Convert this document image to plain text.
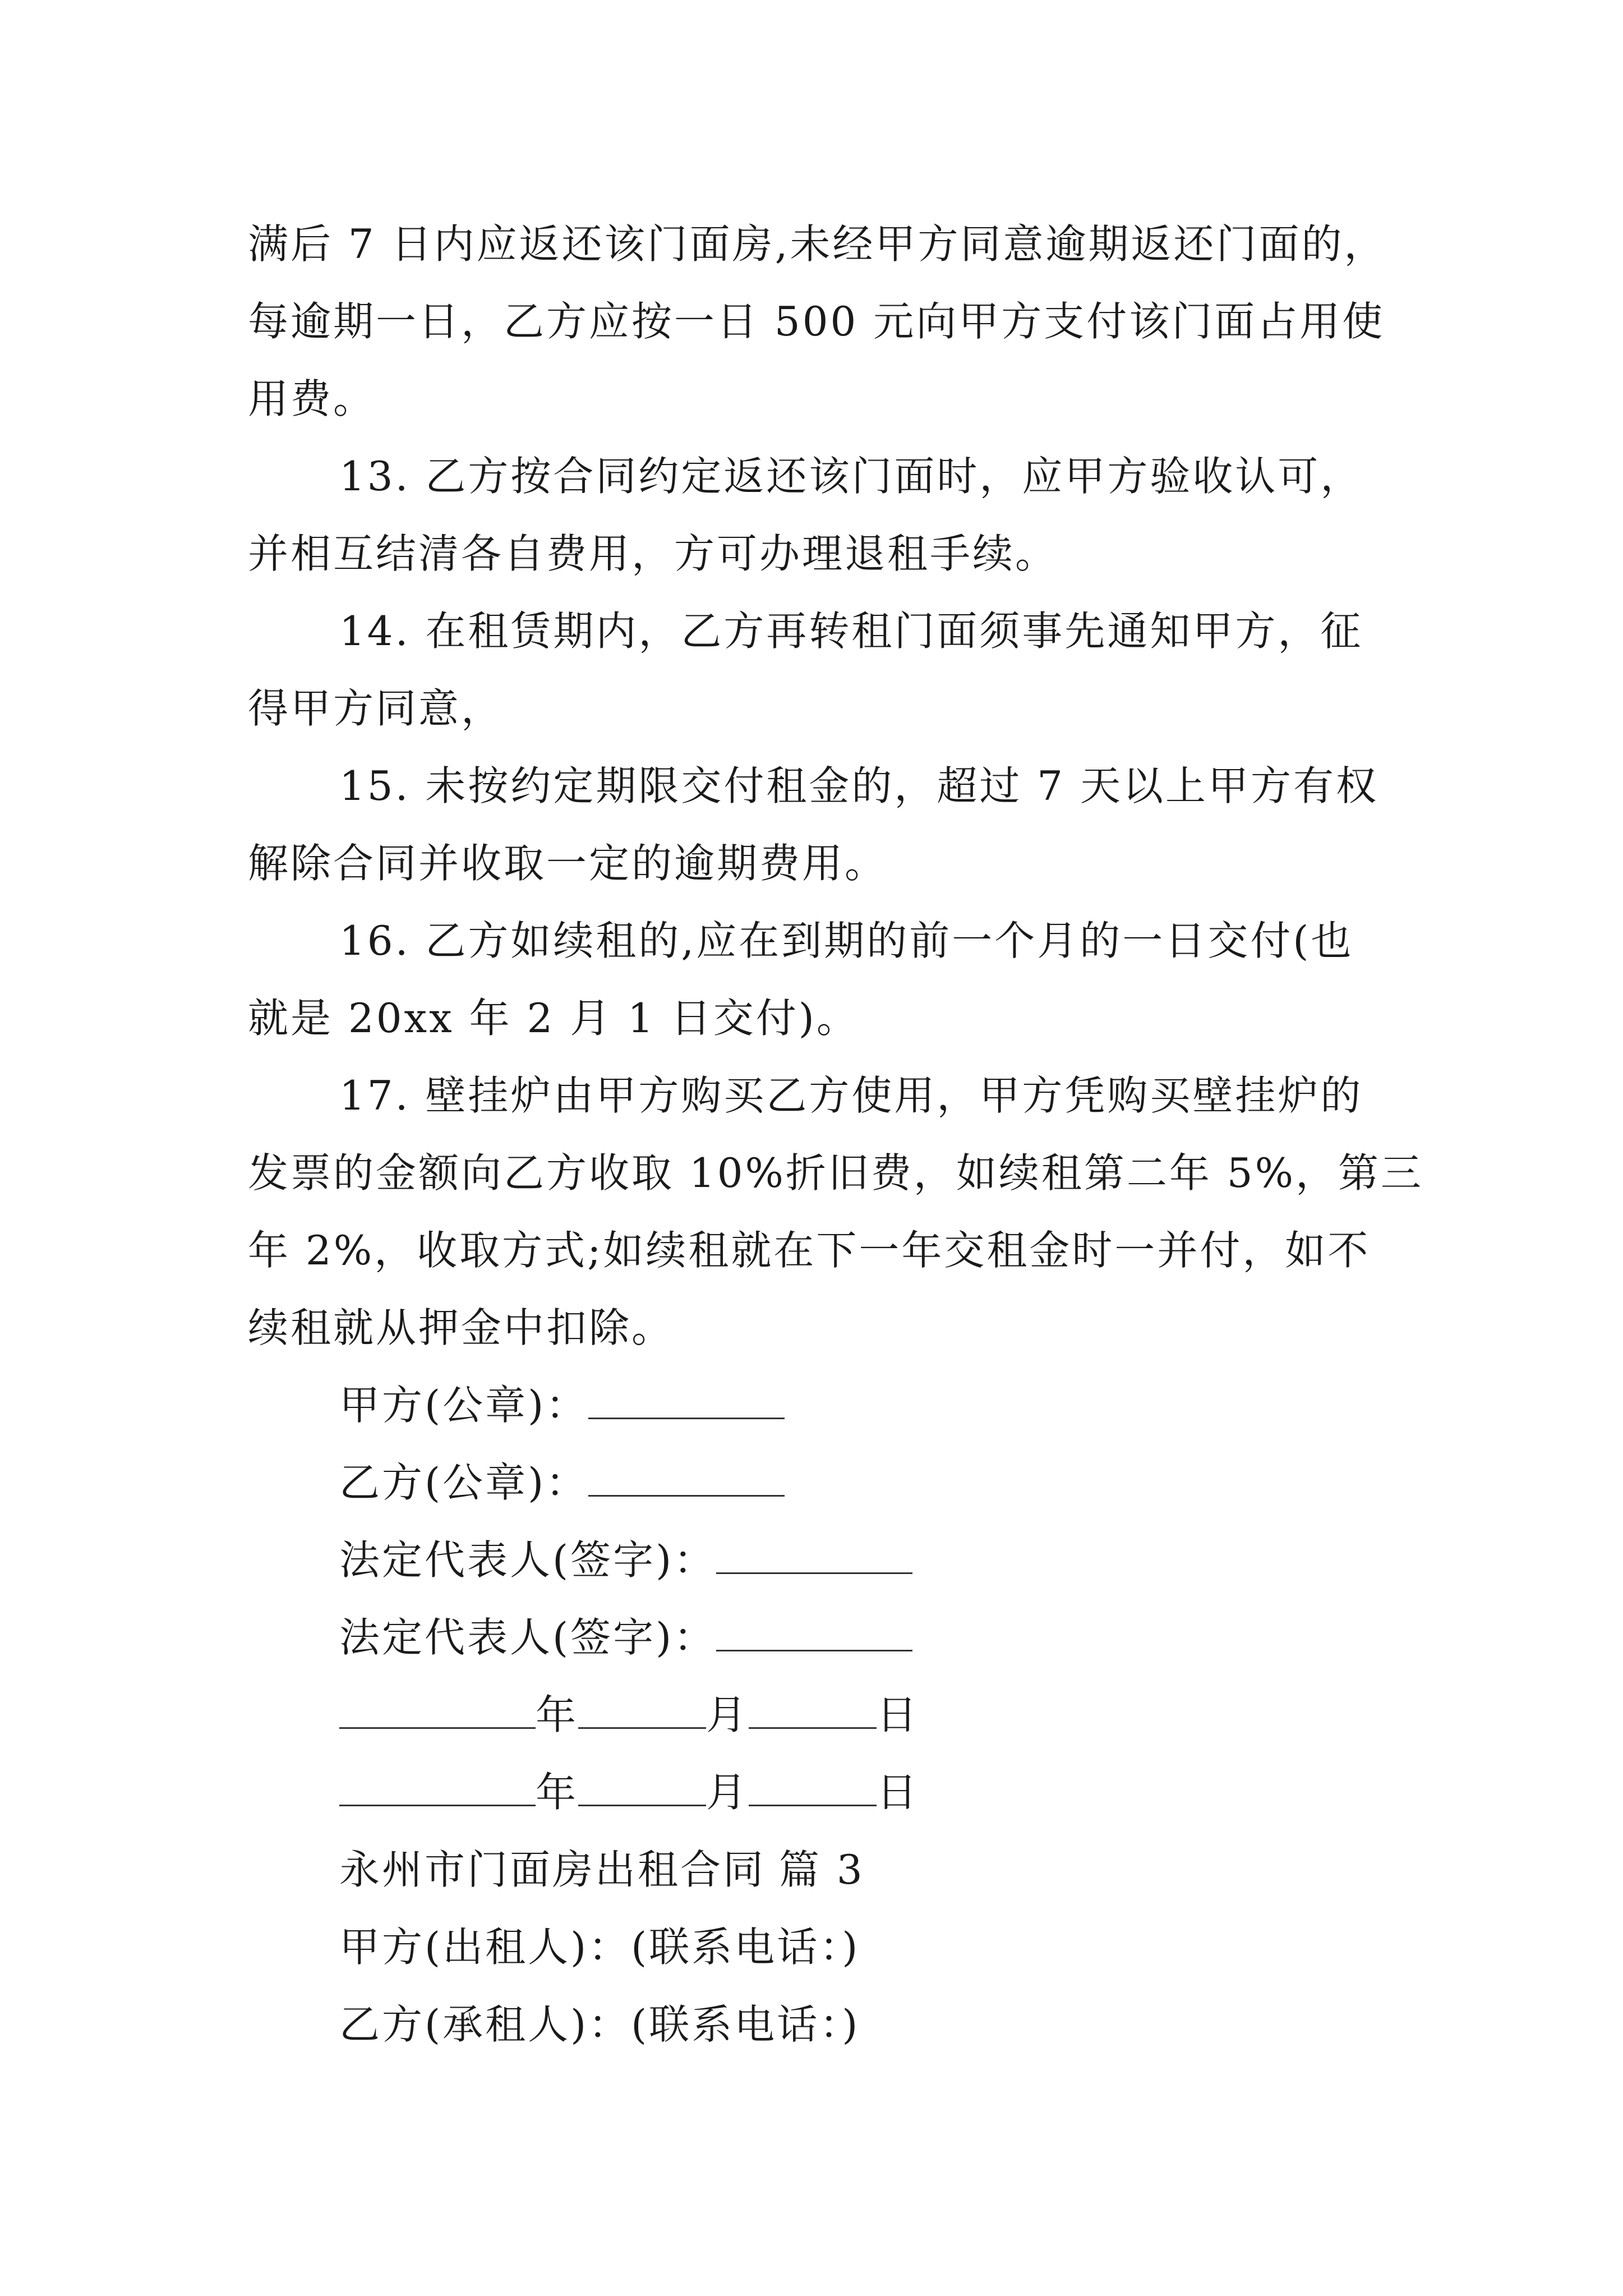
满后 7 日内应返还该门面房,未经甲方同意逾期返还门面的，
每逾期一日，乙方应按一日 500 元向甲方支付该门面占用使
用费。
13. 乙方按合同约定返还该门面时，应甲方验收认可，
并相互结清各自费用，方可办理退租手续。
14. 在租赁期内，乙方再转租门面须事先通知甲方，征
得甲方同意，
15. 未按约定期限交付租金的，超过 7 天以上甲方有权
解除合同并收取一定的逾期费用。
16. 乙方如续租的,应在到期的前一个月的一日交付(也
就是 20xx 年 2 月 1 日交付)。
17. 壁挂炉由甲方购买乙方使用，甲方凭购买壁挂炉的
发票的金额向乙方收取 10%折旧费，如续租第二年 5%，第三
年 2%，收取方式;如续租就在下一年交租金时一并付，如不
续租就从押金中扣除。
甲方(公章)：
乙方(公章)：
法定代表人(签字)：
法定代表人(签字)：
年	月	日
年	月	日
永州市门面房出租合同 篇 3
甲方(出租人)：(联系电话：)
乙方(承租人)：(联系电话：)
